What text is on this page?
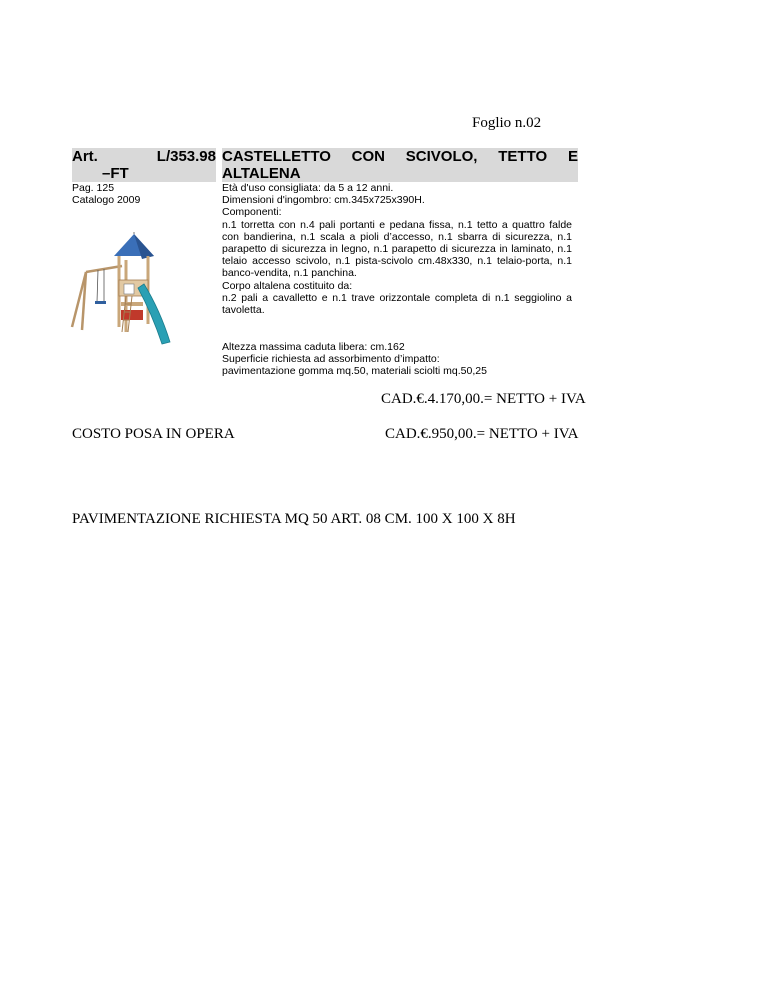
Foglio n.02
Art.	L/353.98
–FT
CASTELLETTO CON SCIVOLO, TETTO E
ALTALENA
Pag. 125
Catalogo 2009

Età d'uso consigliata: da 5 a 12 anni.

Dimensioni d'ingombro: cm.345x725x390H.

Componenti:

n.1 torretta con n.4 pali portanti e pedana fissa, n.1 tetto a quattro falde con bandierina, n.1 scala a pioli d’accesso, n.1 sbarra di sicurezza, n.1 parapetto di sicurezza in legno, n.1 parapetto di sicurezza in laminato, n.1 telaio accesso scivolo, n.1 pista-scivolo cm.48x330, n.1 telaio-porta, n.1 banco-vendita, n.1 panchina.

Corpo altalena costituito da:

n.2 pali a cavalletto e n.1 trave orizzontale completa di n.1 seggiolino a tavoletta.

Altezza massima caduta libera: cm.162

Superficie richiesta ad assorbimento d’impatto:

pavimentazione gomma mq.50, materiali sciolti mq.50,25

CAD.€.4.170,00.= NETTO + IVA
COSTO POSA IN OPERA	CAD.€.950,00.= NETTO + IVA
PAVIMENTAZIONE RICHIESTA MQ 50 ART. 08 CM. 100 X 100 X 8H
